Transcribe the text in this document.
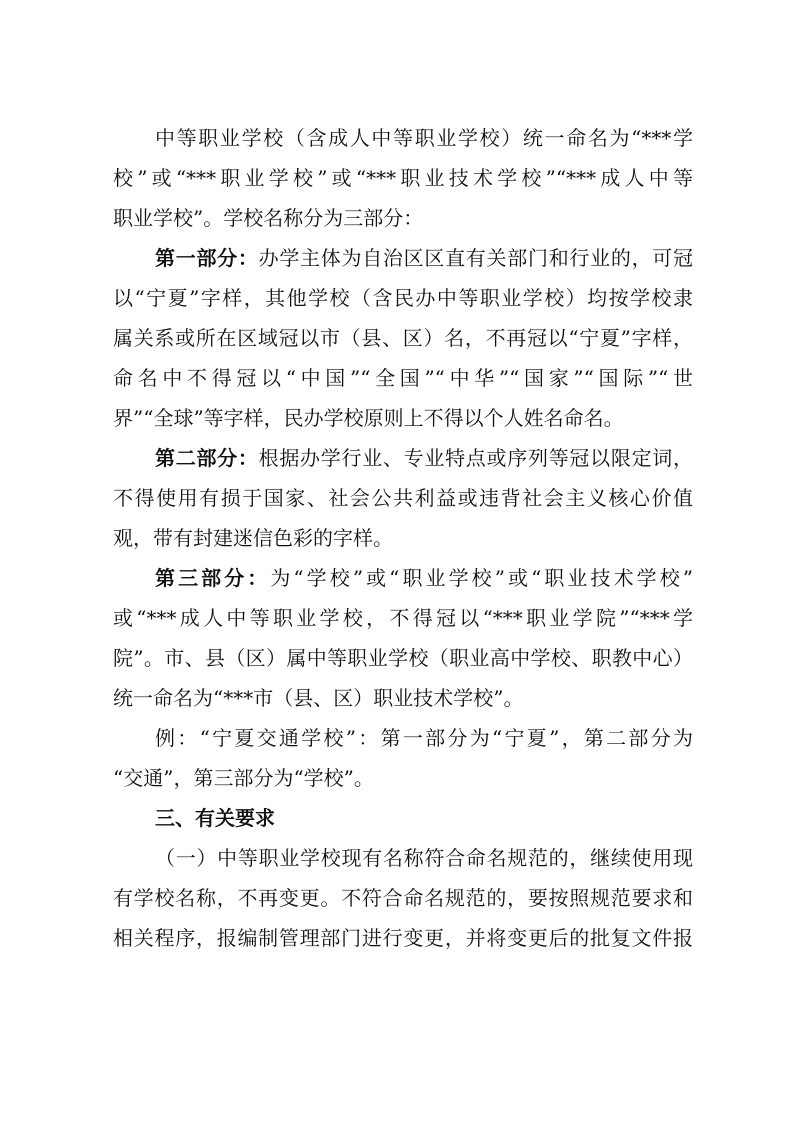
中等职业学校（含成人中等职业学校）统一命名为“***学
校”或“***职业学校”或“***职业技术学校”“***成人中等
职业学校”。学校名称分为三部分：
第一部分：办学主体为自治区区直有关部门和行业的，可冠
以“宁夏”字样，其他学校（含民办中等职业学校）均按学校隶
属关系或所在区域冠以市（县、区）名，不再冠以“宁夏”字样，
命名中不得冠以“中国”“全国”“中华”“国家”“国际”“世
界”“全球”等字样，民办学校原则上不得以个人姓名命名。
第二部分：根据办学行业、专业特点或序列等冠以限定词，
不得使用有损于国家、社会公共利益或违背社会主义核心价值
观，带有封建迷信色彩的字样。
第三部分：为“学校”或“职业学校”或“职业技术学校”
或“***成人中等职业学校，不得冠以“***职业学院”“***学
院”。市、县（区）属中等职业学校（职业高中学校、职教中心）
统一命名为“***市（县、区）职业技术学校”。
例：“宁夏交通学校”：第一部分为“宁夏”，第二部分为
“交通”，第三部分为“学校”。
三、有关要求
（一）中等职业学校现有名称符合命名规范的，继续使用现
有学校名称，不再变更。不符合命名规范的，要按照规范要求和
相关程序，报编制管理部门进行变更，并将变更后的批复文件报
